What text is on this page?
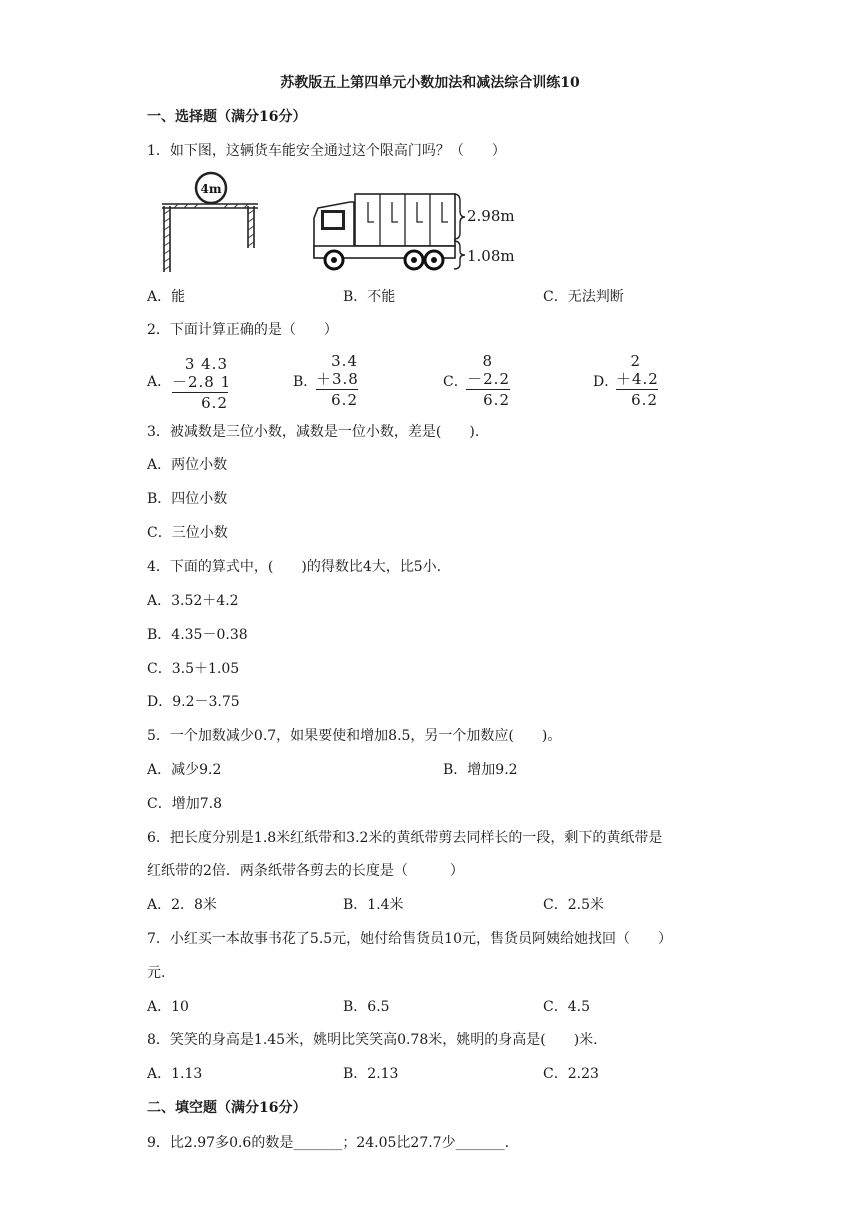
苏教版五上第四单元小数加法和减法综合训练10
一、选择题（满分16分）
1．如下图，这辆货车能安全通过这个限高门吗？（　　）
4m
2.98m
1.08m
A．能	B．不能	C．无法判断
2．下面计算正确的是（　　）
A．
3 4.3
－2.8 1
6.2
B．
3.4
＋3.8
6.2
C．
8
－2.2
6.2
D．
2
＋4.2
6.2
3．被减数是三位小数，减数是一位小数，差是(　　).
A．两位小数
B．四位小数
C．三位小数
4．下面的算式中，(　　)的得数比4大，比5小.
A．3.52＋4.2
B．4.35－0.38
C．3.5＋1.05
D．9.2－3.75
5．一个加数减少0.7，如果要使和增加8.5，另一个加数应(　　)。
A．减少9.2	B．增加9.2
C．增加7.8
6．把长度分别是1.8米红纸带和3.2米的黄纸带剪去同样长的一段，剩下的黄纸带是
红纸带的2倍．两条纸带各剪去的长度是（　　　）
A．2．8米	B．1.4米	C．2.5米
7．小红买一本故事书花了5.5元，她付给售货员10元，售货员阿姨给她找回（　　）
元.
A．10	B．6.5	C．4.5
8．笑笑的身高是1.45米，姚明比笑笑高0.78米，姚明的身高是(　　)米.
A．1.13	B．2.13	C．2.23
二、填空题（满分16分）
9．比2.97多0.6的数是_______；24.05比27.7少_______.
